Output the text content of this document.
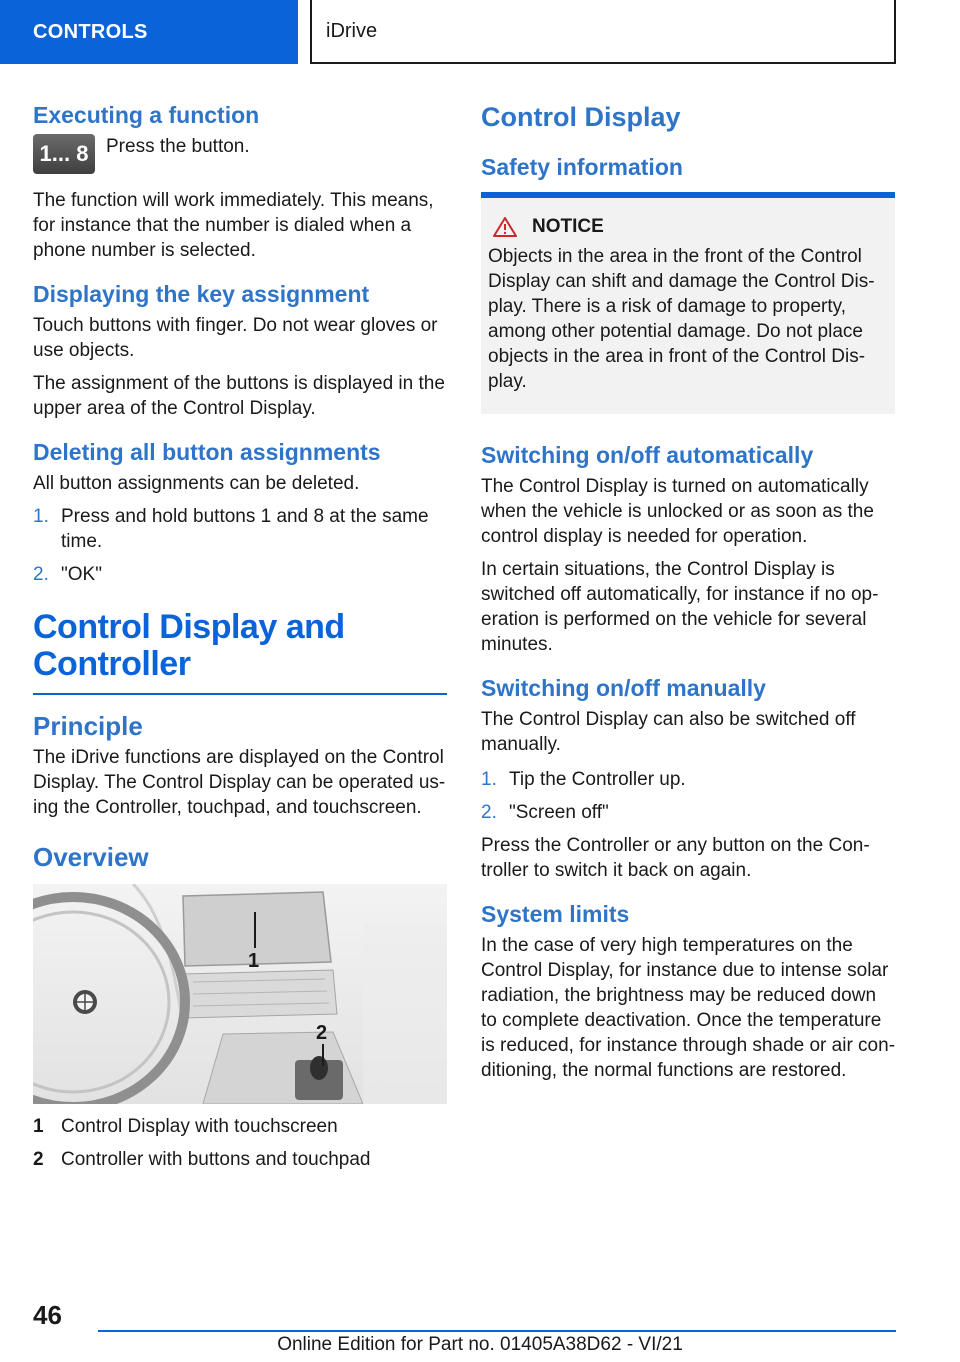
CONTROLS	iDrive
Executing a function
1... 8 Press the button.

The function will work immediately. This means, for instance that the number is dialed when a phone number is selected.

Displaying the key assignment

Touch buttons with finger. Do not wear gloves or use objects.

The assignment of the buttons is displayed in the upper area of the Control Display.

Deleting all button assignments

All button assignments can be deleted.

1. Press and hold buttons 1 and 8 at the same time.
2. "OK"
Control Display and
Controller
Principle

The iDrive functions are displayed on the Control Display. The Control Display can be operated using the Controller, touchpad, and touchscreen.

Overview
1
2
1 Control Display with touchscreen
2 Controller with buttons and touchpad
Control Display
Safety information
NOTICE

Objects in the area in the front of the Control Display can shift and damage the Control Display. There is a risk of damage to property, among other potential damage. Do not place objects in the area in front of the Control Display.

Switching on/off automatically

The Control Display is turned on automatically when the vehicle is unlocked or as soon as the control display is needed for operation.

In certain situations, the Control Display is switched off automatically, for instance if no operation is performed on the vehicle for several minutes.

Switching on/off manually

The Control Display can also be switched off manually.

1. Tip the Controller up.
2. "Screen off"

Press the Controller or any button on the Controller to switch it back on again.

System limits

In the case of very high temperatures on the Control Display, for instance due to intense solar radiation, the brightness may be reduced down to complete deactivation. Once the temperature is reduced, for instance through shade or air conditioning, the normal functions are restored.

46
Online Edition for Part no. 01405A38D62 - VI/21
